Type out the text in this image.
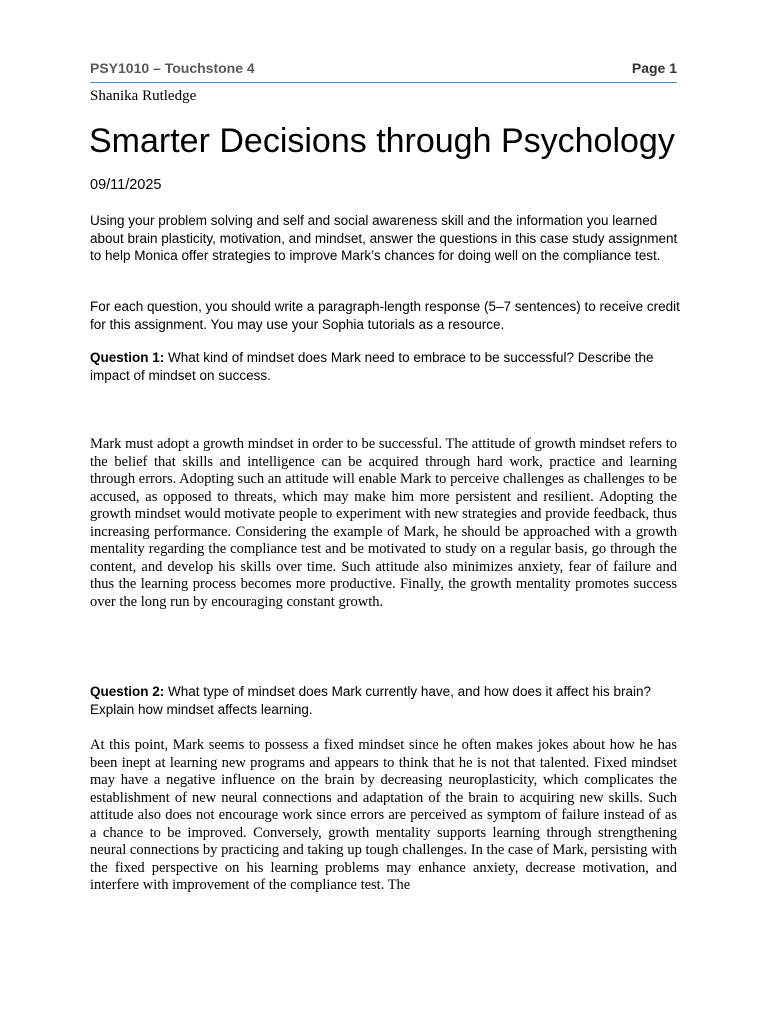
PSY1010 – Touchstone 4	Page 1
Shanika Rutledge
Smarter Decisions through Psychology
09/11/2025

Using your problem solving and self and social awareness skill and the information you learned about brain plasticity, motivation, and mindset, answer the questions in this case study assignment to help Monica offer strategies to improve Mark’s chances for doing well on the compliance test.

For each question, you should write a paragraph-length response (5–7 sentences) to receive credit for this assignment. You may use your Sophia tutorials as a resource.

Question 1: What kind of mindset does Mark need to embrace to be successful? Describe the impact of mindset on success.

Mark must adopt a growth mindset in order to be successful. The attitude of growth mindset refers to the belief that skills and intelligence can be acquired through hard work, practice and learning through errors. Adopting such an attitude will enable Mark to perceive challenges as challenges to be accused, as opposed to threats, which may make him more persistent and resilient. Adopting the growth mindset would motivate people to experiment with new strategies and provide feedback, thus increasing performance. Considering the example of Mark, he should be approached with a growth mentality regarding the compliance test and be motivated to study on a regular basis, go through the content, and develop his skills over time. Such attitude also minimizes anxiety, fear of failure and thus the learning process becomes more productive. Finally, the growth mentality promotes success over the long run by encouraging constant growth.

Question 2: What type of mindset does Mark currently have, and how does it affect his brain? Explain how mindset affects learning.

At this point, Mark seems to possess a fixed mindset since he often makes jokes about how he has been inept at learning new programs and appears to think that he is not that talented. Fixed mindset may have a negative influence on the brain by decreasing neuroplasticity, which complicates the establishment of new neural connections and adaptation of the brain to acquiring new skills. Such attitude also does not encourage work since errors are perceived as symptom of failure instead of as a chance to be improved. Conversely, growth mentality supports learning through strengthening neural connections by practicing and taking up tough challenges. In the case of Mark, persisting with the fixed perspective on his learning problems may enhance anxiety, decrease motivation, and interfere with improvement of the compliance test. The
